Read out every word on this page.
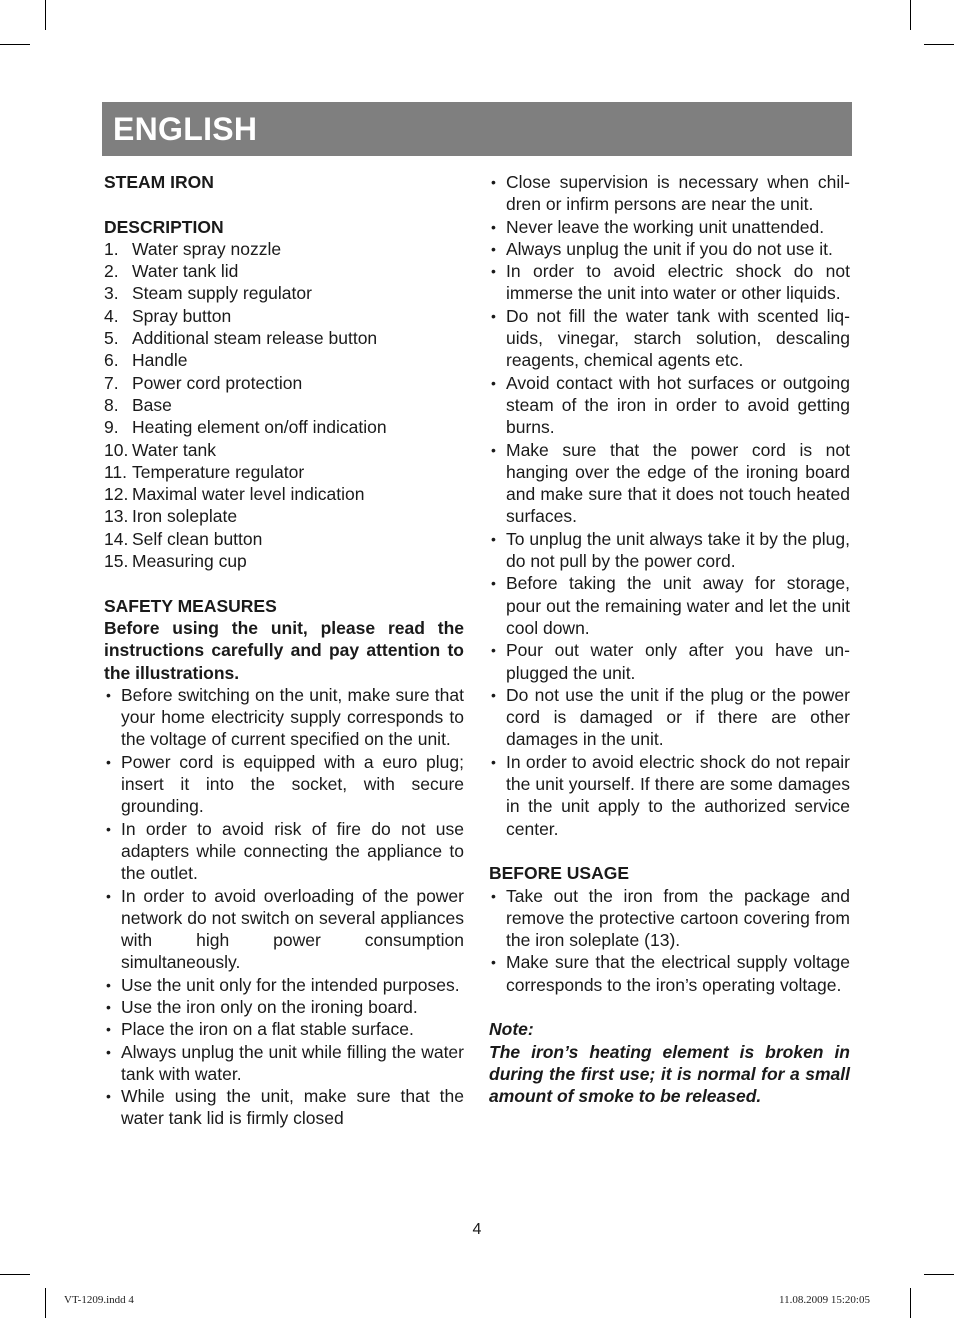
ENGLISH

STEAM IRON

DESCRIPTION

1. Water spray nozzle
2. Water tank lid
3. Steam supply regulator
4. Spray button
5. Additional steam release button
6. Handle
7. Power cord protection
8. Base
9. Heating element on/off indication
10. Water tank
11. Temperature regulator
12. Maximal water level indication
13. Iron soleplate
14. Self clean button
15. Measuring cup

SAFETY MEASURES

Before using the unit, please read the instructions carefully and pay attention to the illustrations.

• Before switching on the unit, make sure that your home electricity supply corresponds to the voltage of current specified on the unit.
• Power cord is equipped with a euro plug; insert it into the socket, with secure grounding.
• In order to avoid risk of fire do not use adapters while connecting the appliance to the outlet.
• In order to avoid overloading of the power network do not switch on several appliances with high power consumption simultaneously.
• Use the unit only for the intended purposes.
• Use the iron only on the ironing board.
• Place the iron on a flat stable surface.
• Always unplug the unit while filling the water tank with water.
• While using the unit, make sure that the water tank lid is firmly closed
• Close supervision is necessary when children or infirm persons are near the unit.
• Never leave the working unit unattended.
• Always unplug the unit if you do not use it.
• In order to avoid electric shock do not immerse the unit into water or other liquids.
• Do not fill the water tank with scented liquids, vinegar, starch solution, descaling reagents, chemical agents etc.
• Avoid contact with hot surfaces or outgoing steam of the iron in order to avoid getting burns.
• Make sure that the power cord is not hanging over the edge of the ironing board and make sure that it does not touch heated surfaces.
• To unplug the unit always take it by the plug, do not pull by the power cord.
• Before taking the unit away for storage, pour out the remaining water and let the unit cool down.
• Pour out water only after you have unplugged the unit.
• Do not use the unit if the plug or the power cord is damaged or if there are other damages in the unit.
• In order to avoid electric shock do not repair the unit yourself. If there are some damages in the unit apply to the authorized service center.

BEFORE USAGE

• Take out the iron from the package and remove the protective cartoon covering from the iron soleplate (13).
• Make sure that the electrical supply voltage corresponds to the iron’s operating voltage.

Note:

The iron’s heating element is broken in during the first use; it is normal for a small amount of smoke to be released.

4
VT-1209.indd 4	11.08.2009 15:20:05
